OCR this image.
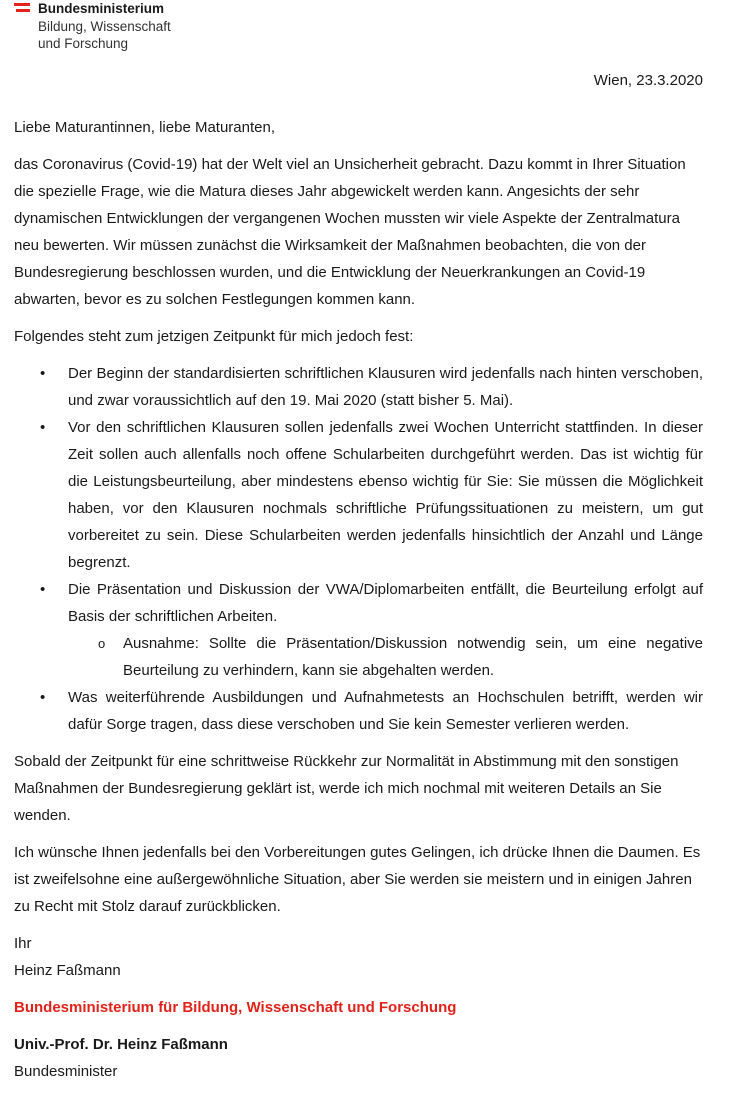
Bundesministerium
Bildung, Wissenschaft
und Forschung
Wien, 23.3.2020

Liebe Maturantinnen, liebe Maturanten,

das Coronavirus (Covid-19) hat der Welt viel an Unsicherheit gebracht. Dazu kommt in Ihrer Situation die spezielle Frage, wie die Matura dieses Jahr abgewickelt werden kann. Angesichts der sehr dynamischen Entwicklungen der vergangenen Wochen mussten wir viele Aspekte der Zentralmatura neu bewerten. Wir müssen zunächst die Wirksamkeit der Maßnahmen beobachten, die von der Bundesregierung beschlossen wurden, und die Entwicklung der Neuerkrankungen an Covid-19 abwarten, bevor es zu solchen Festlegungen kommen kann.

Folgendes steht zum jetzigen Zeitpunkt für mich jedoch fest:

• Der Beginn der standardisierten schriftlichen Klausuren wird jedenfalls nach hinten verschoben, und zwar voraussichtlich auf den 19. Mai 2020 (statt bisher 5. Mai).
• Vor den schriftlichen Klausuren sollen jedenfalls zwei Wochen Unterricht stattfinden. In dieser Zeit sollen auch allenfalls noch offene Schularbeiten durchgeführt werden. Das ist wichtig für die Leistungsbeurteilung, aber mindestens ebenso wichtig für Sie: Sie müssen die Möglichkeit haben, vor den Klausuren nochmals schriftliche Prüfungssituationen zu meistern, um gut vorbereitet zu sein. Diese Schularbeiten werden jedenfalls hinsichtlich der Anzahl und Länge begrenzt.
• Die Präsentation und Diskussion der VWA/Diplomarbeiten entfällt, die Beurteilung erfolgt auf Basis der schriftlichen Arbeiten.
o Ausnahme: Sollte die Präsentation/Diskussion notwendig sein, um eine negative Beurteilung zu verhindern, kann sie abgehalten werden.
• Was weiterführende Ausbildungen und Aufnahmetests an Hochschulen betrifft, werden wir dafür Sorge tragen, dass diese verschoben und Sie kein Semester verlieren werden.

Sobald der Zeitpunkt für eine schrittweise Rückkehr zur Normalität in Abstimmung mit den sonstigen Maßnahmen der Bundesregierung geklärt ist, werde ich mich nochmal mit weiteren Details an Sie wenden.

Ich wünsche Ihnen jedenfalls bei den Vorbereitungen gutes Gelingen, ich drücke Ihnen die Daumen. Es ist zweifelsohne eine außergewöhnliche Situation, aber Sie werden sie meistern und in einigen Jahren zu Recht mit Stolz darauf zurückblicken.

Ihr

Heinz Faßmann

Bundesministerium für Bildung, Wissenschaft und Forschung

Univ.-Prof. Dr. Heinz Faßmann

Bundesminister
